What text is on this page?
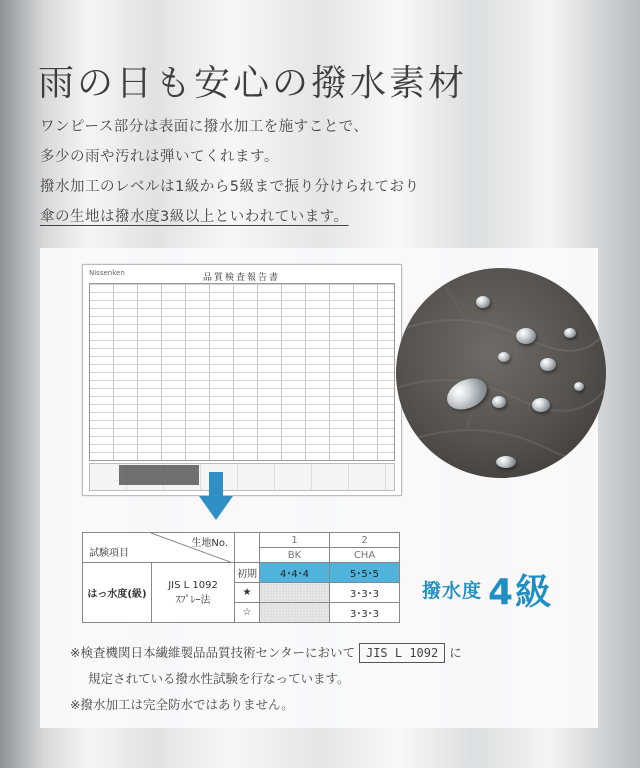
雨の日も安心の撥水素材

ワンピース部分は表面に撥水加工を施すことで、

多少の雨や汚れは弾いてくれます。

撥水加工のレベルは1級から5級まで振り分けられており

傘の生地は撥水度3級以上といわれています。

Nissenken	品質検査報告書
生地No.
試験項目			1	2
			BK	CHA
はっ水度(級)	JIS L 1092
ｽﾌﾟﾚｰ法	初期	4･4･4	5･5･5
		★		3･3･3
		☆		3･3･3
撥水度 4級

※検査機関日本繊維製品品質技術センターにおいて JIS L 1092 に

規定されている撥水性試験を行なっています。

※撥水加工は完全防水ではありません。
